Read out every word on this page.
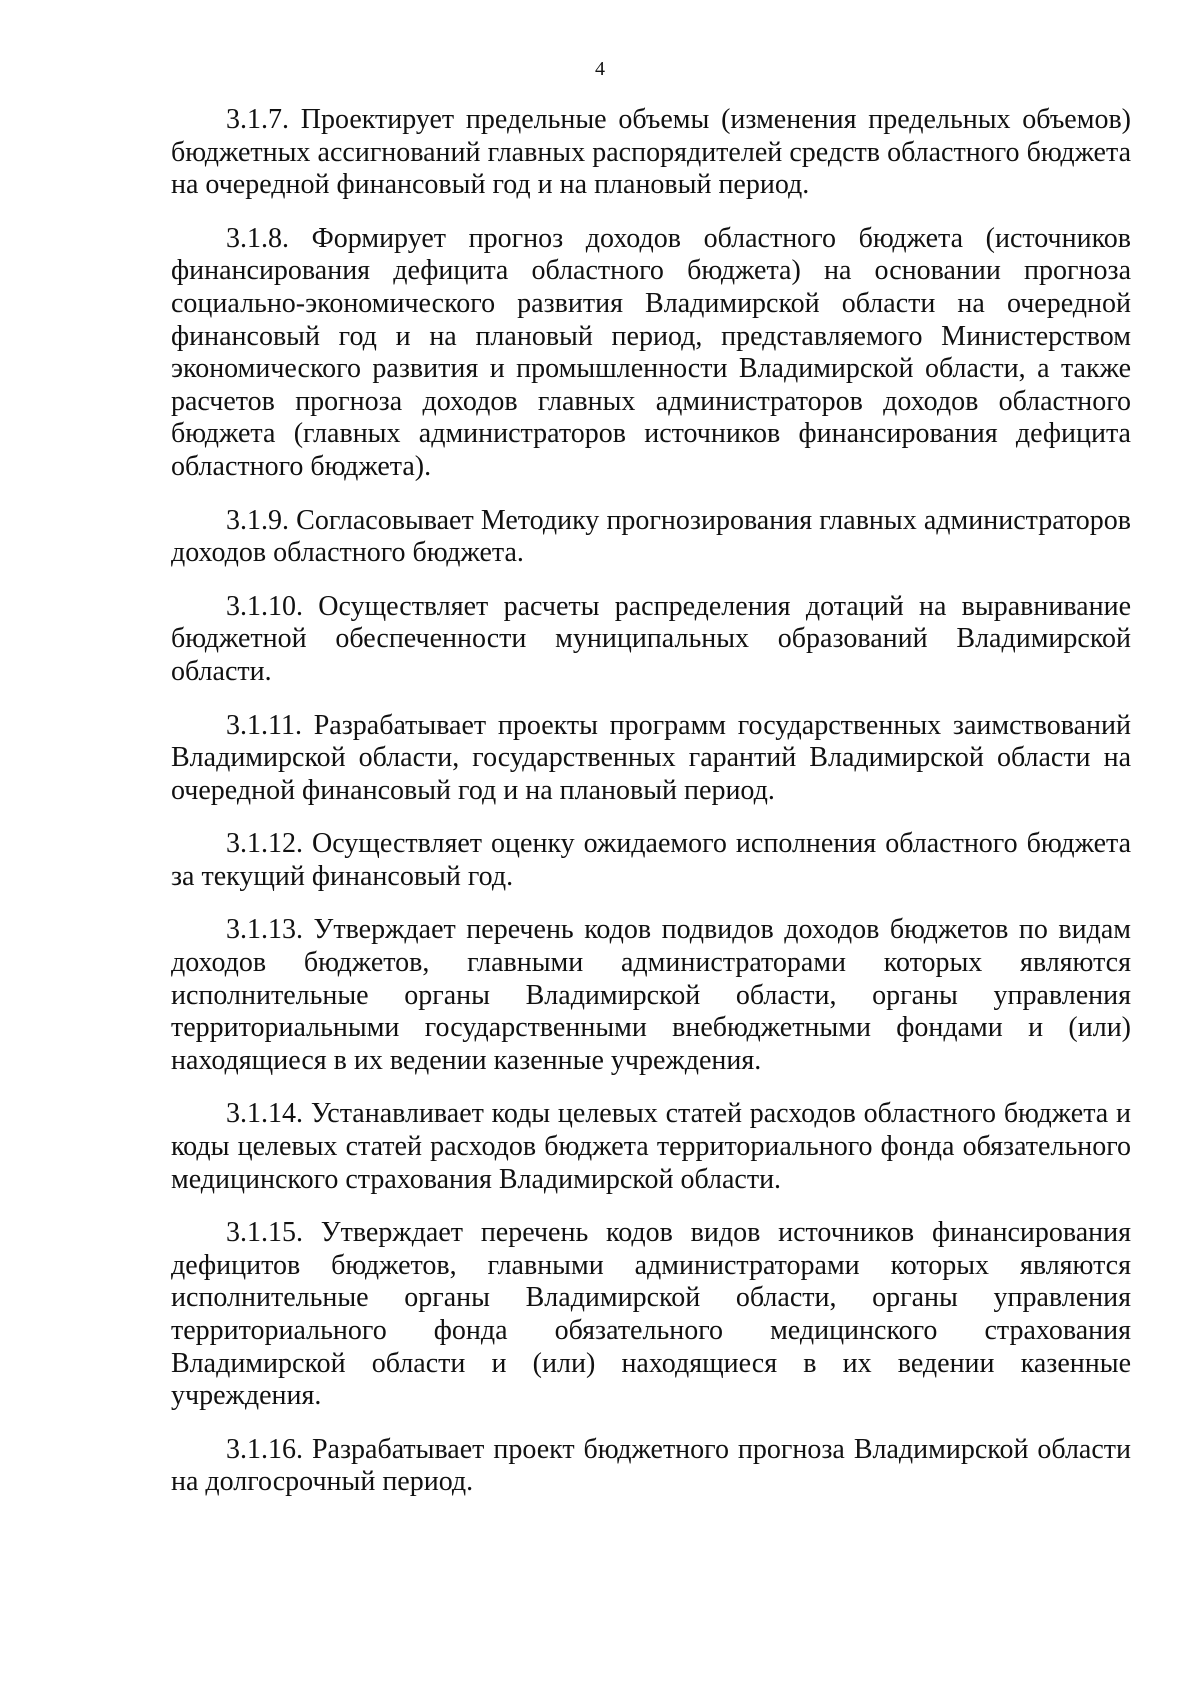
4

3.1.7. Проектирует предельные объемы (изменения предельных объемов) бюджетных ассигнований главных распорядителей средств областного бюджета на очередной финансовый год и на плановый период.

3.1.8. Формирует прогноз доходов областного бюджета (источников финансирования дефицита областного бюджета) на основании прогноза социально-экономического развития Владимирской области на очередной финансовый год и на плановый период, представляемого Министерством экономического развития и промышленности Владимирской области, а также расчетов прогноза доходов главных администраторов доходов областного бюджета (главных администраторов источников финансирования дефицита областного бюджета).

3.1.9. Согласовывает Методику прогнозирования главных администраторов доходов областного бюджета.

3.1.10. Осуществляет расчеты распределения дотаций на выравнивание бюджетной обеспеченности муниципальных образований Владимирской области.

3.1.11. Разрабатывает проекты программ государственных заимствований Владимирской области, государственных гарантий Владимирской области на очередной финансовый год и на плановый период.

3.1.12. Осуществляет оценку ожидаемого исполнения областного бюджета за текущий финансовый год.

3.1.13. Утверждает перечень кодов подвидов доходов бюджетов по видам доходов бюджетов, главными администраторами которых являются исполнительные органы Владимирской области, органы управления территориальными государственными внебюджетными фондами и (или) находящиеся в их ведении казенные учреждения.

3.1.14. Устанавливает коды целевых статей расходов областного бюджета и коды целевых статей расходов бюджета территориального фонда обязательного медицинского страхования Владимирской области.

3.1.15. Утверждает перечень кодов видов источников финансирования дефицитов бюджетов, главными администраторами которых являются исполнительные органы Владимирской области, органы управления территориального фонда обязательного медицинского страхования Владимирской области и (или) находящиеся в их ведении казенные учреждения.

3.1.16. Разрабатывает проект бюджетного прогноза Владимирской области на долгосрочный период.
